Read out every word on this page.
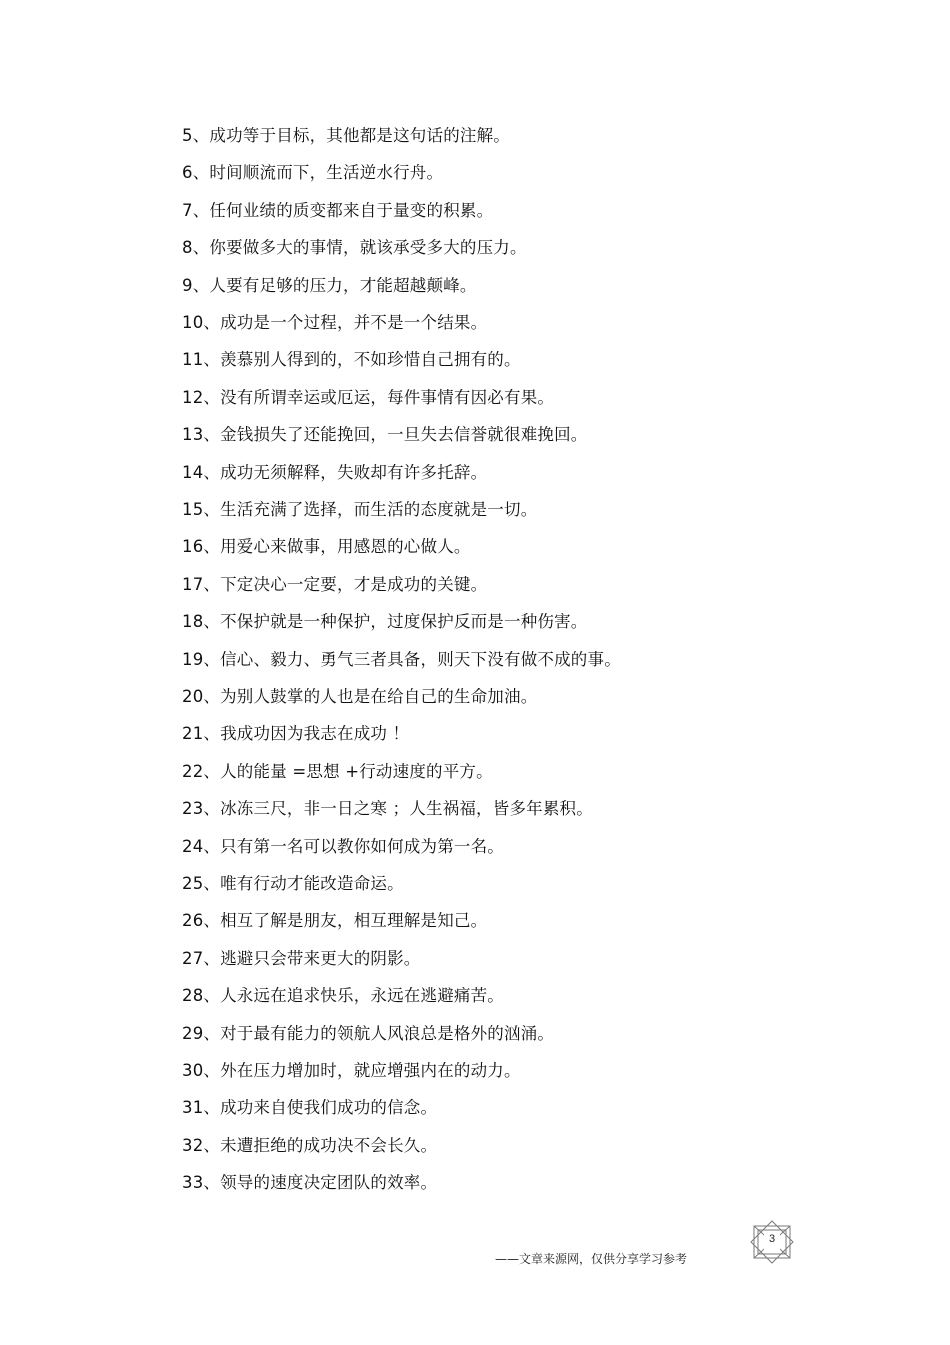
5、成功等于目标，其他都是这句话的注解。
6、时间顺流而下，生活逆水行舟。
7、任何业绩的质变都来自于量变的积累。
8、你要做多大的事情，就该承受多大的压力。
9、人要有足够的压力，才能超越颠峰。
10、成功是一个过程，并不是一个结果。
11、羡慕别人得到的，不如珍惜自己拥有的。
12、没有所谓幸运或厄运，每件事情有因必有果。
13、金钱损失了还能挽回，一旦失去信誉就很难挽回。
14、成功无须解释，失败却有许多托辞。
15、生活充满了选择，而生活的态度就是一切。
16、用爱心来做事，用感恩的心做人。
17、下定决心一定要，才是成功的关键。
18、不保护就是一种保护，过度保护反而是一种伤害。
19、信心、毅力、勇气三者具备，则天下没有做不成的事。
20、为别人鼓掌的人也是在给自己的生命加油。
21、我成功因为我志在成功 ！
22、人的能量 =思想 +行动速度的平方。
23、冰冻三尺，非一日之寒 ；人生祸福，皆多年累积。
24、只有第一名可以教你如何成为第一名。
25、唯有行动才能改造命运。
26、相互了解是朋友，相互理解是知己。
27、逃避只会带来更大的阴影。
28、人永远在追求快乐，永远在逃避痛苦。
29、对于最有能力的领航人风浪总是格外的汹涌。
30、外在压力增加时，就应增强内在的动力。
31、成功来自使我们成功的信念。
32、未遭拒绝的成功决不会长久。
33、领导的速度决定团队的效率。
——文章来源网，仅供分享学习参考
3
